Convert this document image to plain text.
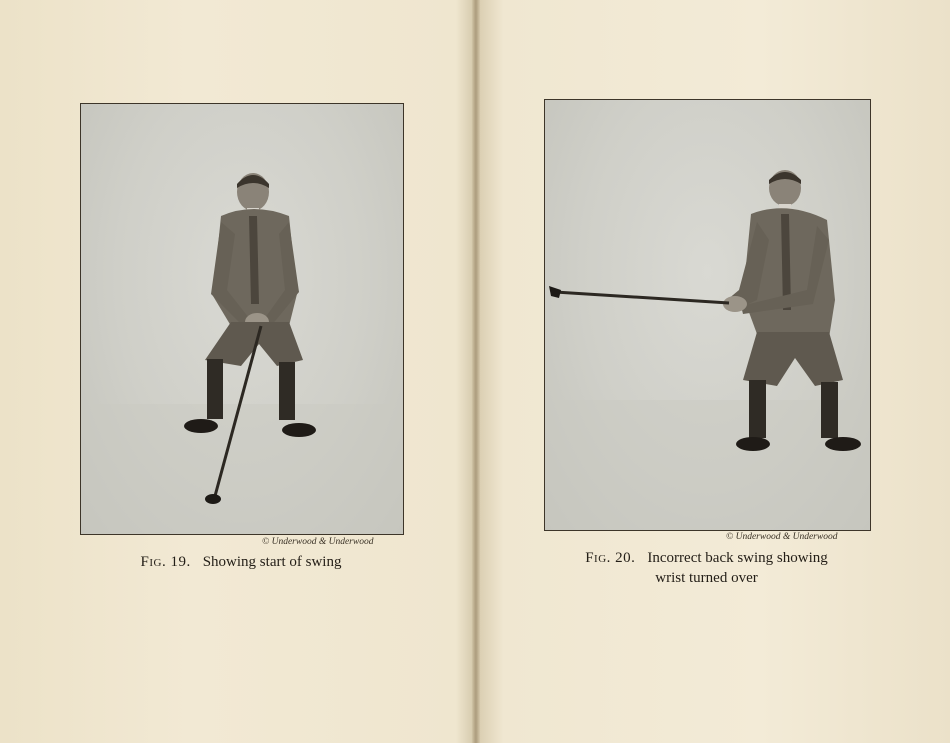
© Underwood & Underwood
Fig. 19. Showing start of swing
© Underwood & Underwood
Fig. 20. Incorrect back swing showing
wrist turned over
